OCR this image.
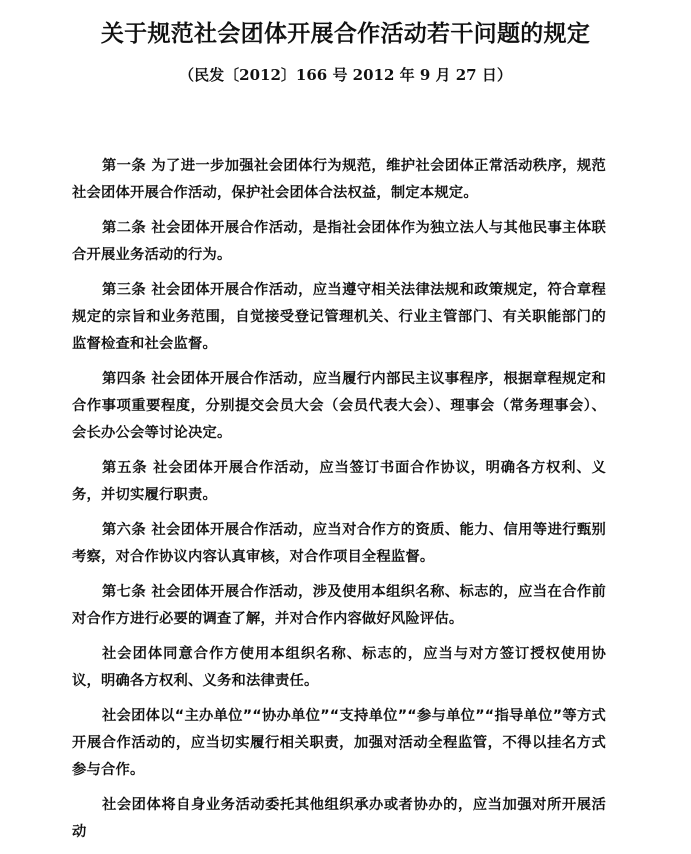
关于规范社会团体开展合作活动若干问题的规定
（民发〔2012〕166 号 2012 年 9 月 27 日）

第一条 为了进一步加强社会团体行为规范，维护社会团体正常活动秩序，规范社会团体开展合作活动，保护社会团体合法权益，制定本规定。

第二条 社会团体开展合作活动，是指社会团体作为独立法人与其他民事主体联合开展业务活动的行为。

第三条 社会团体开展合作活动，应当遵守相关法律法规和政策规定，符合章程规定的宗旨和业务范围，自觉接受登记管理机关、行业主管部门、有关职能部门的监督检查和社会监督。

第四条 社会团体开展合作活动，应当履行内部民主议事程序，根据章程规定和合作事项重要程度，分别提交会员大会（会员代表大会）、理事会（常务理事会）、会长办公会等讨论决定。

第五条 社会团体开展合作活动，应当签订书面合作协议，明确各方权利、义务，并切实履行职责。

第六条 社会团体开展合作活动，应当对合作方的资质、能力、信用等进行甄别考察，对合作协议内容认真审核，对合作项目全程监督。

第七条 社会团体开展合作活动，涉及使用本组织名称、标志的，应当在合作前对合作方进行必要的调查了解，并对合作内容做好风险评估。

社会团体同意合作方使用本组织名称、标志的，应当与对方签订授权使用协议，明确各方权利、义务和法律责任。

社会团体以“主办单位”“协办单位”“支持单位”“参与单位”“指导单位”等方式开展合作活动的，应当切实履行相关职责，加强对活动全程监管，不得以挂名方式参与合作。

社会团体将自身业务活动委托其他组织承办或者协办的，应当加强对所开展活动
